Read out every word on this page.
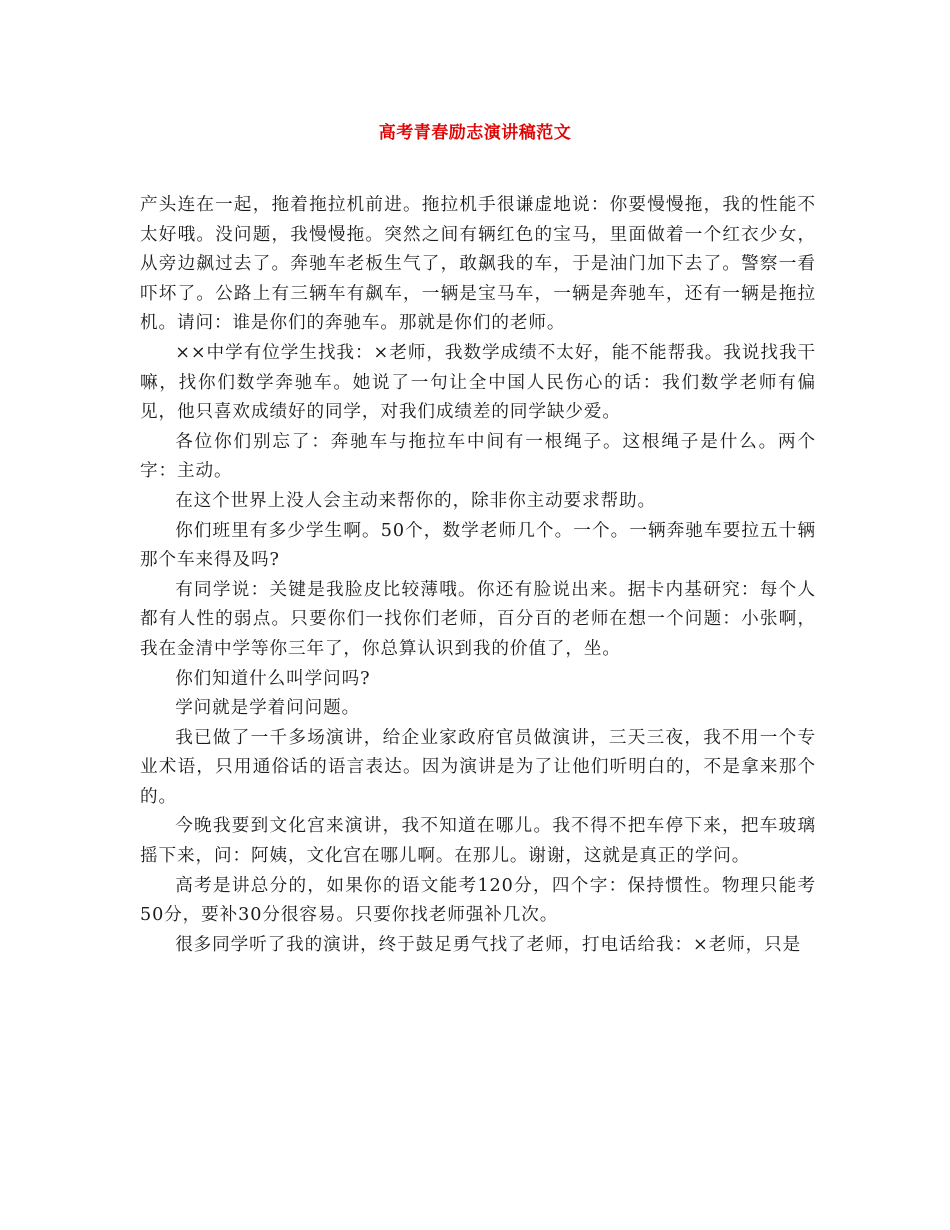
高考青春励志演讲稿范文

产头连在一起，拖着拖拉机前进。拖拉机手很谦虚地说：你要慢慢拖，我的性能不太好哦。没问题，我慢慢拖。突然之间有辆红色的宝马，里面做着一个红衣少女，从旁边飙过去了。奔驰车老板生气了，敢飙我的车，于是油门加下去了。警察一看吓坏了。公路上有三辆车有飙车，一辆是宝马车，一辆是奔驰车，还有一辆是拖拉机。请问：谁是你们的奔驰车。那就是你们的老师。

××中学有位学生找我：×老师，我数学成绩不太好，能不能帮我。我说找我干嘛，找你们数学奔驰车。她说了一句让全中国人民伤心的话：我们数学老师有偏见，他只喜欢成绩好的同学，对我们成绩差的同学缺少爱。

各位你们别忘了：奔驰车与拖拉车中间有一根绳子。这根绳子是什么。两个字：主动。

在这个世界上没人会主动来帮你的，除非你主动要求帮助。

你们班里有多少学生啊。50个，数学老师几个。一个。一辆奔驰车要拉五十辆那个车来得及吗?

有同学说：关键是我脸皮比较薄哦。你还有脸说出来。据卡内基研究：每个人都有人性的弱点。只要你们一找你们老师，百分百的老师在想一个问题：小张啊，我在金清中学等你三年了，你总算认识到我的价值了，坐。

你们知道什么叫学问吗?

学问就是学着问问题。

我已做了一千多场演讲，给企业家政府官员做演讲，三天三夜，我不用一个专业术语，只用通俗话的语言表达。因为演讲是为了让他们听明白的，不是拿来那个的。

今晚我要到文化宫来演讲，我不知道在哪儿。我不得不把车停下来，把车玻璃摇下来，问：阿姨，文化宫在哪儿啊。在那儿。谢谢，这就是真正的学问。

高考是讲总分的，如果你的语文能考120分，四个字：保持惯性。物理只能考50分，要补30分很容易。只要你找老师强补几次。

很多同学听了我的演讲，终于鼓足勇气找了老师，打电话给我：×老师，只是
